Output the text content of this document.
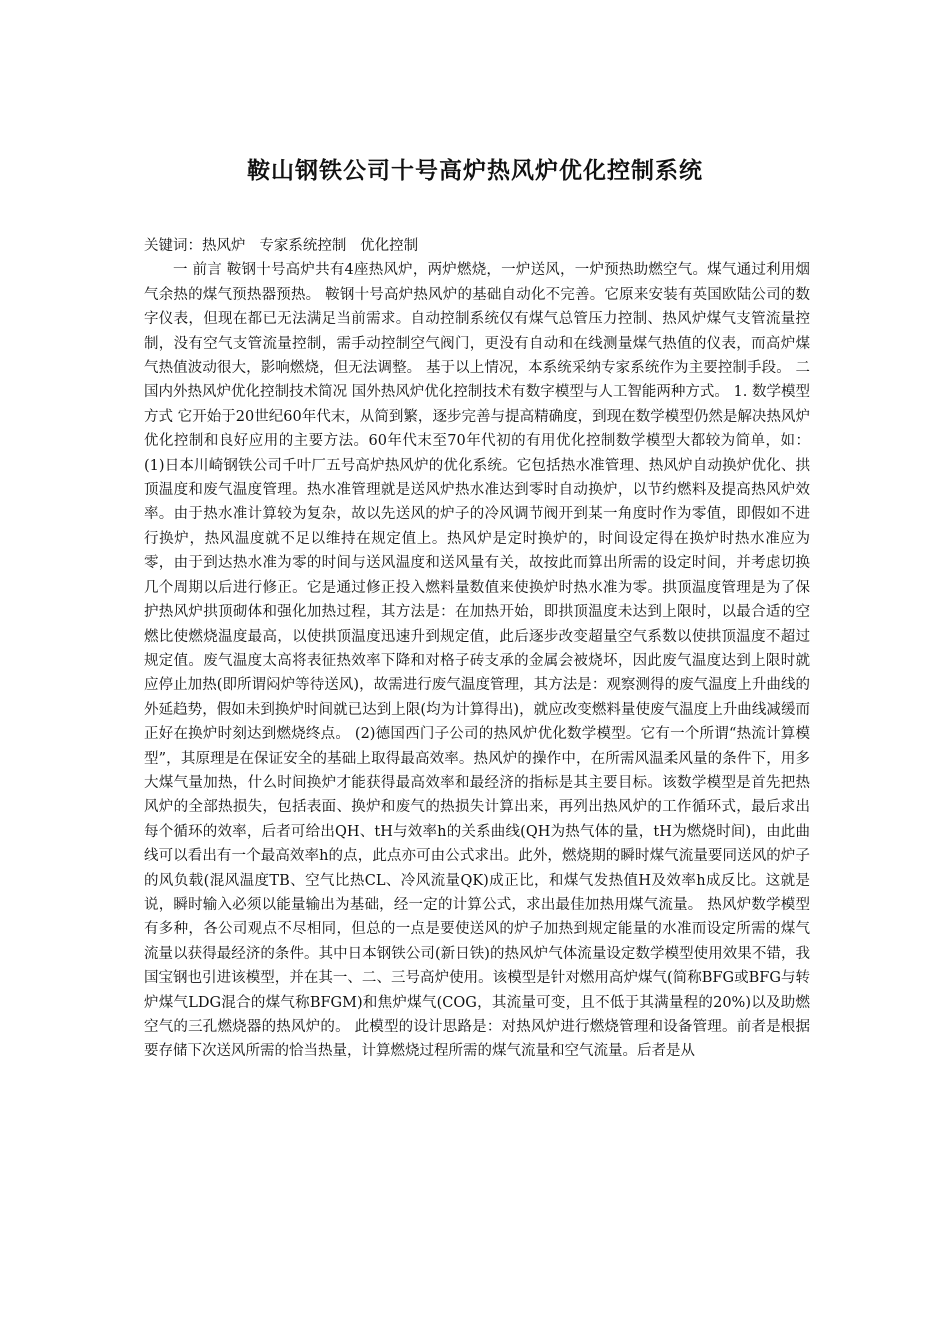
鞍山钢铁公司十号高炉热风炉优化控制系统

关键词：热风炉   专家系统控制   优化控制

一 前言 鞍钢十号高炉共有4座热风炉，两炉燃烧，一炉送风，一炉预热助燃空气。煤气通过利用烟气余热的煤气预热器预热。 鞍钢十号高炉热风炉的基础自动化不完善。它原来安装有英国欧陆公司的数字仪表，但现在都已无法满足当前需求。自动控制系统仅有煤气总管压力控制、热风炉煤气支管流量控制，没有空气支管流量控制，需手动控制空气阀门，更没有自动和在线测量煤气热值的仪表，而高炉煤气热值波动很大，影响燃烧，但无法调整。 基于以上情况，本系统采纳专家系统作为主要控制手段。 二 国内外热风炉优化控制技术简况 国外热风炉优化控制技术有数字模型与人工智能两种方式。 1. 数学模型方式 它开始于20世纪60年代末，从简到繁，逐步完善与提高精确度，到现在数学模型仍然是解决热风炉优化控制和良好应用的主要方法。60年代末至70年代初的有用优化控制数学模型大都较为简单，如： (1)日本川崎钢铁公司千叶厂五号高炉热风炉的优化系统。它包括热水准管理、热风炉自动换炉优化、拱顶温度和废气温度管理。热水准管理就是送风炉热水准达到零时自动换炉，以节约燃料及提高热风炉效率。由于热水准计算较为复杂，故以先送风的炉子的冷风调节阀开到某一角度时作为零值，即假如不进行换炉，热风温度就不足以维持在规定值上。热风炉是定时换炉的，时间设定得在换炉时热水准应为零，由于到达热水准为零的时间与送风温度和送风量有关，故按此而算出所需的设定时间，并考虑切换几个周期以后进行修正。它是通过修正投入燃料量数值来使换炉时热水准为零。拱顶温度管理是为了保护热风炉拱顶砌体和强化加热过程，其方法是：在加热开始，即拱顶温度未达到上限时，以最合适的空燃比使燃烧温度最高，以使拱顶温度迅速升到规定值，此后逐步改变超量空气系数以使拱顶温度不超过规定值。废气温度太高将表征热效率下降和对格子砖支承的金属会被烧坏，因此废气温度达到上限时就应停止加热(即所谓闷炉等待送风)，故需进行废气温度管理，其方法是：观察测得的废气温度上升曲线的外延趋势，假如未到换炉时间就已达到上限(均为计算得出)，就应改变燃料量使废气温度上升曲线减缓而正好在换炉时刻达到燃烧终点。 (2)德国西门子公司的热风炉优化数学模型。它有一个所谓“热流计算模型”，其原理是在保证安全的基础上取得最高效率。热风炉的操作中，在所需风温柔风量的条件下，用多大煤气量加热，什么时间换炉才能获得最高效率和最经济的指标是其主要目标。该数学模型是首先把热风炉的全部热损失，包括表面、换炉和废气的热损失计算出来，再列出热风炉的工作循环式，最后求出每个循环的效率，后者可给出QH、tH与效率h的关系曲线(QH为热气体的量，tH为燃烧时间)，由此曲线可以看出有一个最高效率h的点，此点亦可由公式求出。此外，燃烧期的瞬时煤气流量要同送风的炉子的风负载(混风温度TB、空气比热CL、冷风流量QK)成正比，和煤气发热值H及效率h成反比。这就是说，瞬时输入必须以能量输出为基础，经一定的计算公式，求出最佳加热用煤气流量。 热风炉数学模型有多种，各公司观点不尽相同，但总的一点是要使送风的炉子加热到规定能量的水准而设定所需的煤气流量以获得最经济的条件。其中日本钢铁公司(新日铁)的热风炉气体流量设定数学模型使用效果不错，我国宝钢也引进该模型，并在其一、二、三号高炉使用。该模型是针对燃用高炉煤气(简称BFG或BFG与转炉煤气LDG混合的煤气称BFGM)和焦炉煤气(COG，其流量可变，且不低于其满量程的20%)以及助燃空气的三孔燃烧器的热风炉的。 此模型的设计思路是：对热风炉进行燃烧管理和设备管理。前者是根据要存储下次送风所需的恰当热量，计算燃烧过程所需的煤气流量和空气流量。后者是从
